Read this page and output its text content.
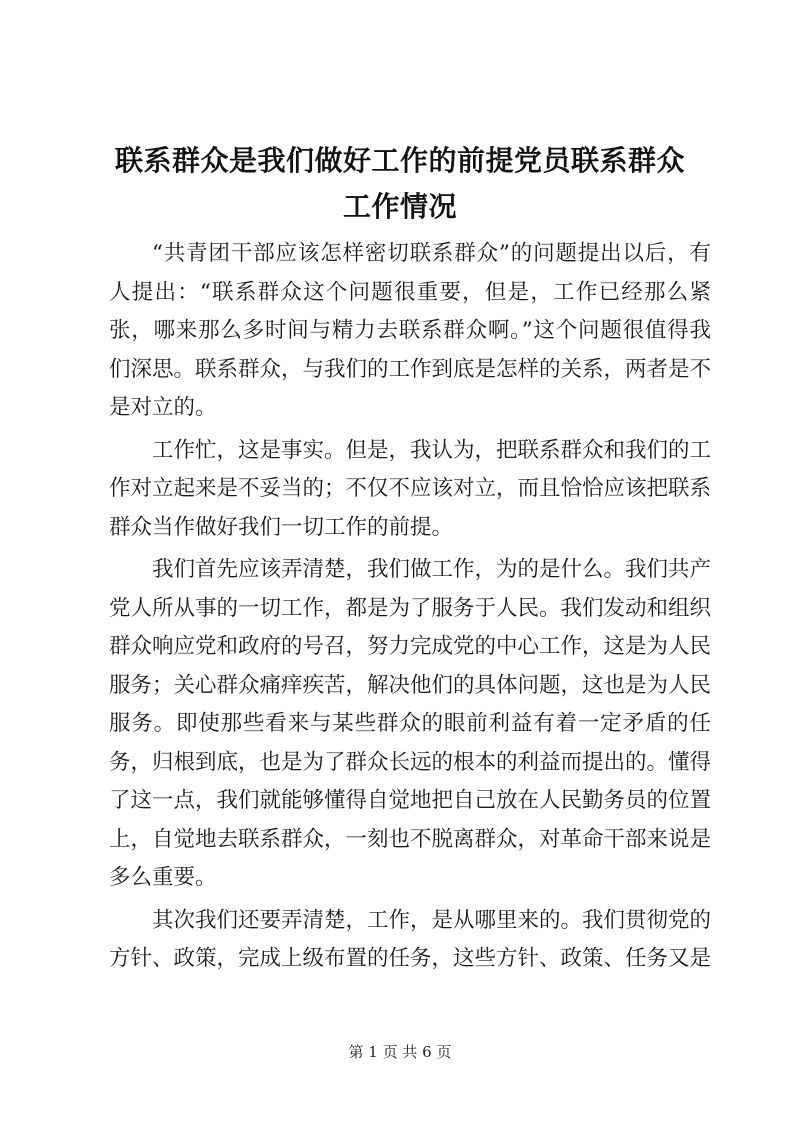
联系群众是我们做好工作的前提党员联系群众
工作情况

“共青团干部应该怎样密切联系群众”的问题提出以后，有人提出：“联系群众这个问题很重要，但是，工作已经那么紧张，哪来那么多时间与精力去联系群众啊。”这个问题很值得我们深思。联系群众，与我们的工作到底是怎样的关系，两者是不是对立的。

工作忙，这是事实。但是，我认为，把联系群众和我们的工作对立起来是不妥当的；不仅不应该对立，而且恰恰应该把联系群众当作做好我们一切工作的前提。

我们首先应该弄清楚，我们做工作，为的是什么。我们共产党人所从事的一切工作，都是为了服务于人民。我们发动和组织群众响应党和政府的号召，努力完成党的中心工作，这是为人民服务；关心群众痛痒疾苦，解决他们的具体问题，这也是为人民服务。即使那些看来与某些群众的眼前利益有着一定矛盾的任务，归根到底，也是为了群众长远的根本的利益而提出的。懂得了这一点，我们就能够懂得自觉地把自己放在人民勤务员的位置上，自觉地去联系群众，一刻也不脱离群众，对革命干部来说是多么重要。

其次我们还要弄清楚，工作，是从哪里来的。我们贯彻党的方针、政策，完成上级布置的任务，这些方针、政策、任务又是

第 1 页 共 6 页
